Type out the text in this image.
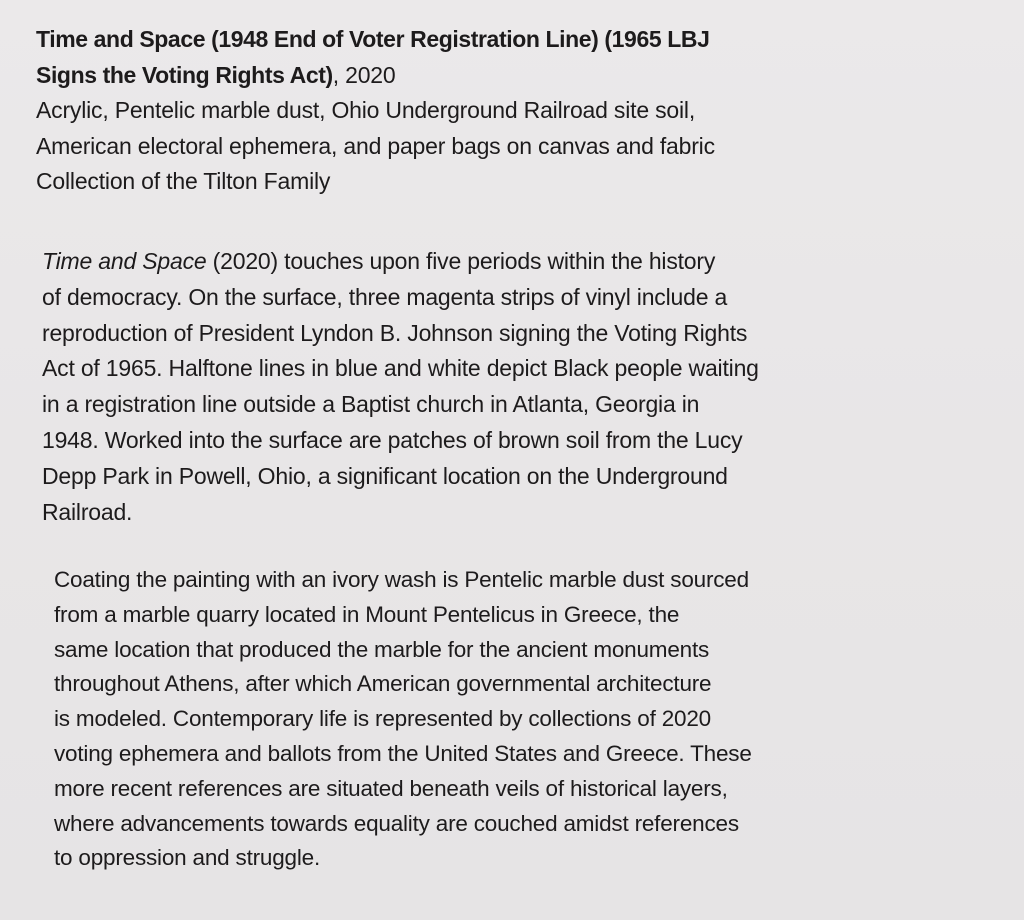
Time and Space (1948 End of Voter Registration Line) (1965 LBJ
Signs the Voting Rights Act), 2020
Acrylic, Pentelic marble dust, Ohio Underground Railroad site soil,
American electoral ephemera, and paper bags on canvas and fabric
Collection of the Tilton Family
Time and Space (2020) touches upon five periods within the history
of democracy. On the surface, three magenta strips of vinyl include a
reproduction of President Lyndon B. Johnson signing the Voting Rights
Act of 1965. Halftone lines in blue and white depict Black people waiting
in a registration line outside a Baptist church in Atlanta, Georgia in
1948. Worked into the surface are patches of brown soil from the Lucy
Depp Park in Powell, Ohio, a significant location on the Underground
Railroad.
Coating the painting with an ivory wash is Pentelic marble dust sourced
from a marble quarry located in Mount Pentelicus in Greece, the
same location that produced the marble for the ancient monuments
throughout Athens, after which American governmental architecture
is modeled. Contemporary life is represented by collections of 2020
voting ephemera and ballots from the United States and Greece. These
more recent references are situated beneath veils of historical layers,
where advancements towards equality are couched amidst references
to oppression and struggle.
